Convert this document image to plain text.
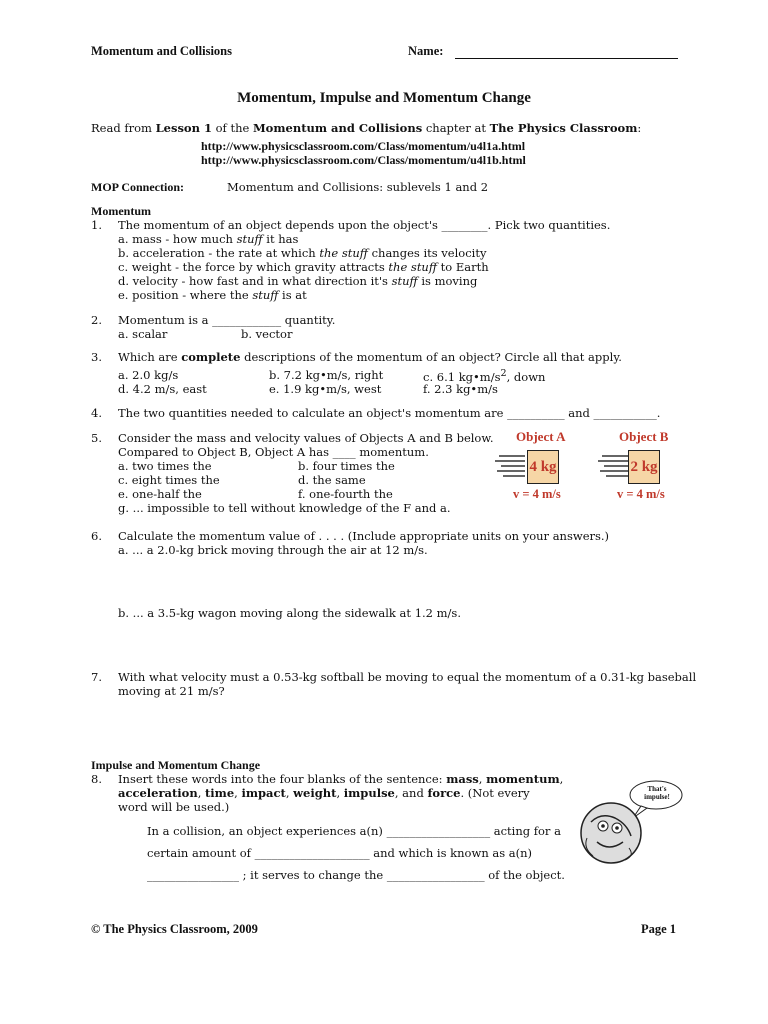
Momentum and Collisions	Name:
Momentum, Impulse and Momentum Change
Read from Lesson 1 of the Momentum and Collisions chapter at The Physics Classroom:
http://www.physicsclassroom.com/Class/momentum/u4l1a.html
http://www.physicsclassroom.com/Class/momentum/u4l1b.html
MOP Connection:	Momentum and Collisions: sublevels 1 and 2
Momentum
1. The momentum of an object depends upon the object's ________. Pick two quantities.
a. mass - how much stuff it has
b. acceleration - the rate at which the stuff changes its velocity
c. weight - the force by which gravity attracts the stuff to Earth
d. velocity - how fast and in what direction it's stuff is moving
e. position - where the stuff is at
2. Momentum is a ____________ quantity.
a. scalar	b. vector
3. Which are complete descriptions of the momentum of an object? Circle all that apply.
a. 2.0 kg/s	b. 7.2 kg•m/s, right	c. 6.1 $kg•m/s^2$, down
d. 4.2 m/s, east	e. 1.9 kg•m/s, west	f. 2.3 kg•m/s
4. The two quantities needed to calculate an object's momentum are __________ and ___________.
5. Consider the mass and velocity values of Objects A and B below.
Compared to Object B, Object A has ____ momentum.
a. two times the	b. four times the
c. eight times the	d. the same
e. one-half the	f. one-fourth the
g. ... impossible to tell without knowledge of the F and a.
Object A
4 kg
v = 4 m/s
Object B
2 kg
v = 4 m/s
6. Calculate the momentum value of . . . . (Include appropriate units on your answers.)
a. ... a 2.0-kg brick moving through the air at 12 m/s.
b. ... a 3.5-kg wagon moving along the sidewalk at 1.2 m/s.
7. With what velocity must a 0.53-kg softball be moving to equal the momentum of a 0.31-kg baseball
moving at 21 m/s?
Impulse and Momentum Change
8. Insert these words into the four blanks of the sentence: mass, momentum,
acceleration, time, impact, weight, impulse, and force. (Not every
word will be used.)
In a collision, an object experiences a(n) __________________ acting for a
certain amount of ____________________ and which is known as a(n)
________________ ; it serves to change the _________________ of the object.
That's impulse!
© The Physics Classroom, 2009	Page 1
